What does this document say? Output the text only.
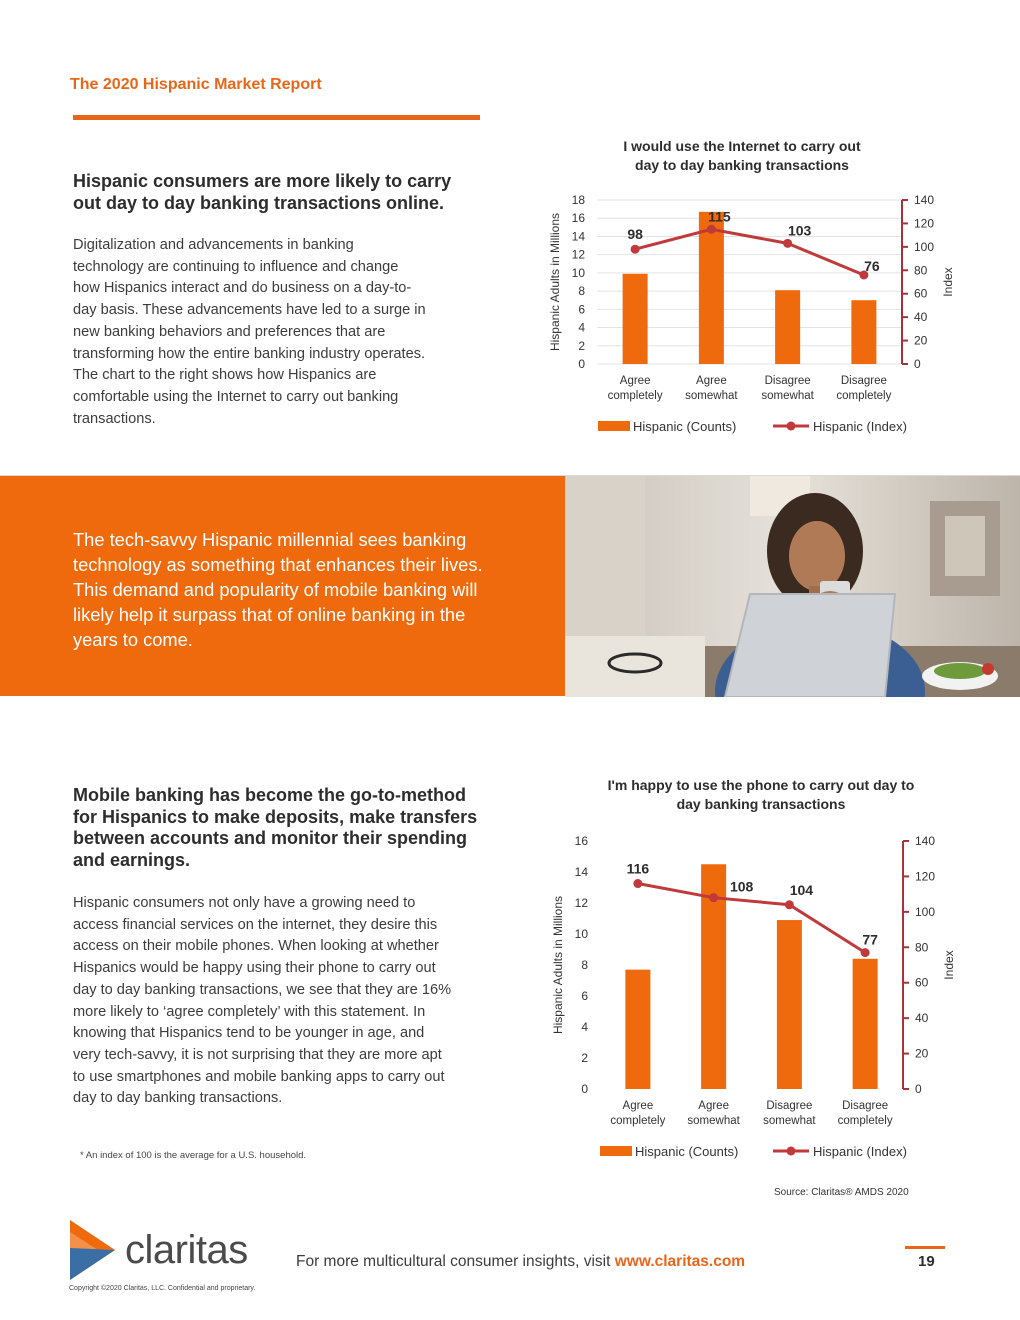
The 2020 Hispanic Market Report
Hispanic consumers are more likely to carry
out day to day banking transactions online.
Digitalization and advancements in banking
technology are continuing to influence and change
how Hispanics interact and do business on a day-to-
day basis. These advancements have led to a surge in
new banking behaviors and preferences that are
transforming how the entire banking industry operates.
The chart to the right shows how Hispanics are
comfortable using the Internet to carry out banking
transactions.
I would use the Internet to carry out
day to day banking transactions
0
2
4
6
8
10
12
14
16
18
0
20
40
60
80
100
120
140
Hispanic Adults in Millions	Index
Agree
completely
Agree
somewhat
Disagree
somewhat
Disagree
completely
98
115
103
76
Hispanic (Counts)	Hispanic (Index)
The tech-savvy Hispanic millennial sees banking
technology as something that enhances their lives.
This demand and popularity of mobile banking will
likely help it surpass that of online banking in the
years to come.
Mobile banking has become the go-to-method
for Hispanics to make deposits, make transfers
between accounts and monitor their spending
and earnings.
Hispanic consumers not only have a growing need to
access financial services on the internet, they desire this
access on their mobile phones. When looking at whether
Hispanics would be happy using their phone to carry out
day to day banking transactions, we see that they are 16%
more likely to ‘agree completely’ with this statement. In
knowing that Hispanics tend to be younger in age, and
very tech-savvy, it is not surprising that they are more apt
to use smartphones and mobile banking apps to carry out
day to day banking transactions.
I'm happy to use the phone to carry out day to
day banking transactions
0
2
4
6
8
10
12
14
16
0
20
40
60
80
100
120
140
Hispanic Adults in Millions	Index
Agree
completely
Agree
somewhat
Disagree
somewhat
Disagree
completely
116
108	104
77
Hispanic (Counts)	Hispanic (Index)
* An index of 100 is the average for a U.S. household.
Source: Claritas® AMDS 2020
claritas	For more multicultural consumer insights, visit www.claritas.com	19
Copyright ©2020 Claritas, LLC. Confidential and proprietary.
